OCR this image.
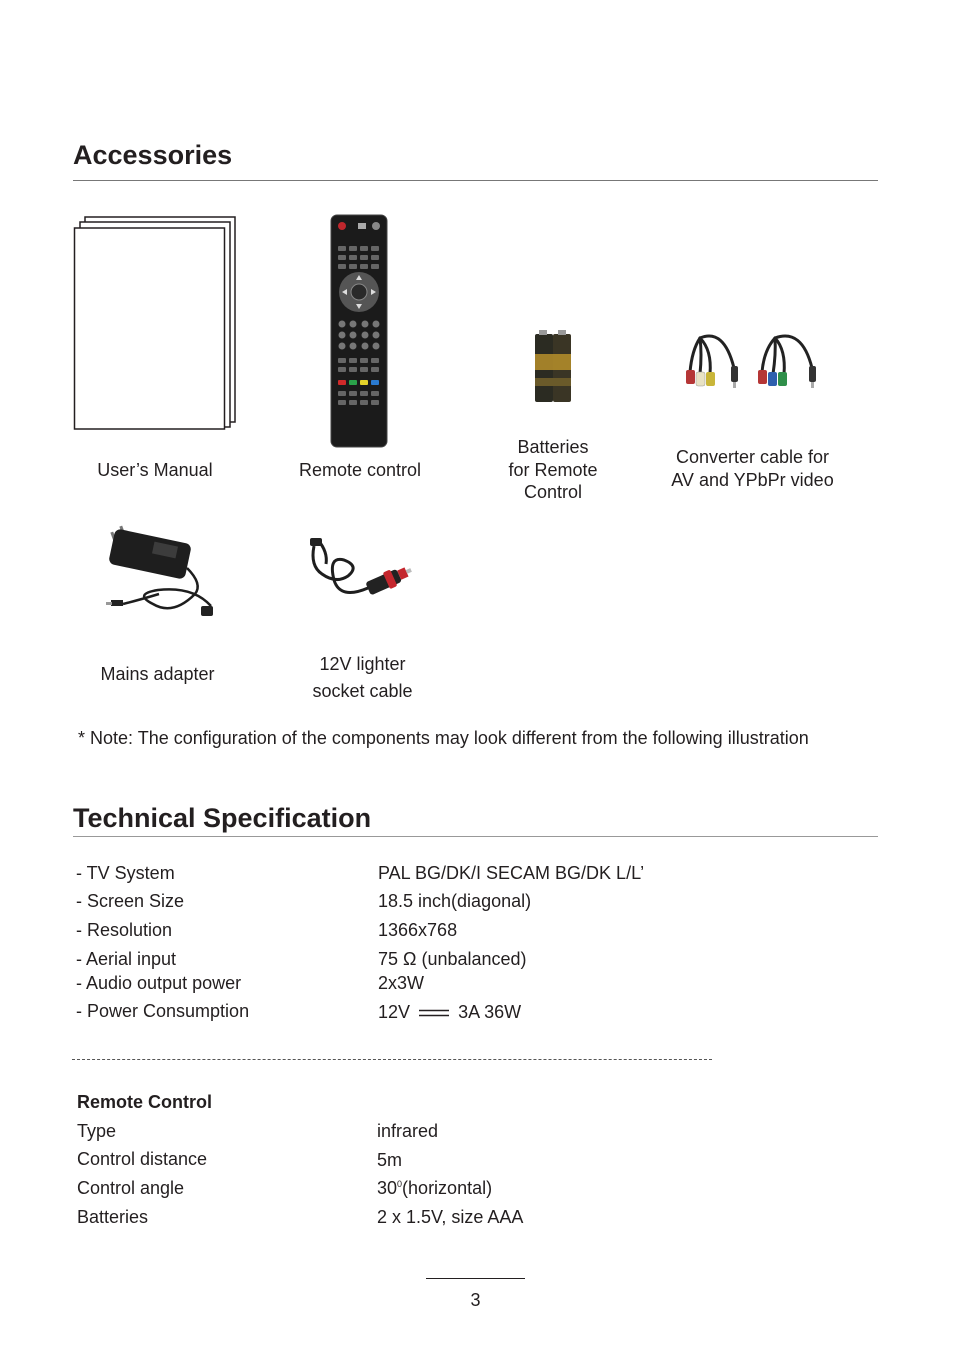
Accessories
User’s Manual	Remote control
Batteries
for Remote
Control
Converter cable for
AV and YPbPr video
Mains adapter	12V lighter
socket cable
* Note: The configuration of the components may look different from the following illustration
Technical Specification
- TV System	PAL BG/DK/I SECAM BG/DK L/L’
- Screen Size	18.5 inch(diagonal)
- Resolution	1366x768
- Aerial input	75 Ω (unbalanced)
- Audio output power	2x3W
- Power Consumption	12V	3A 36W
Remote Control
Type	infrared
Control distance	5m
Control angle	$30^0(horizontal)$
Batteries	2 x 1.5V, size AAA
3
